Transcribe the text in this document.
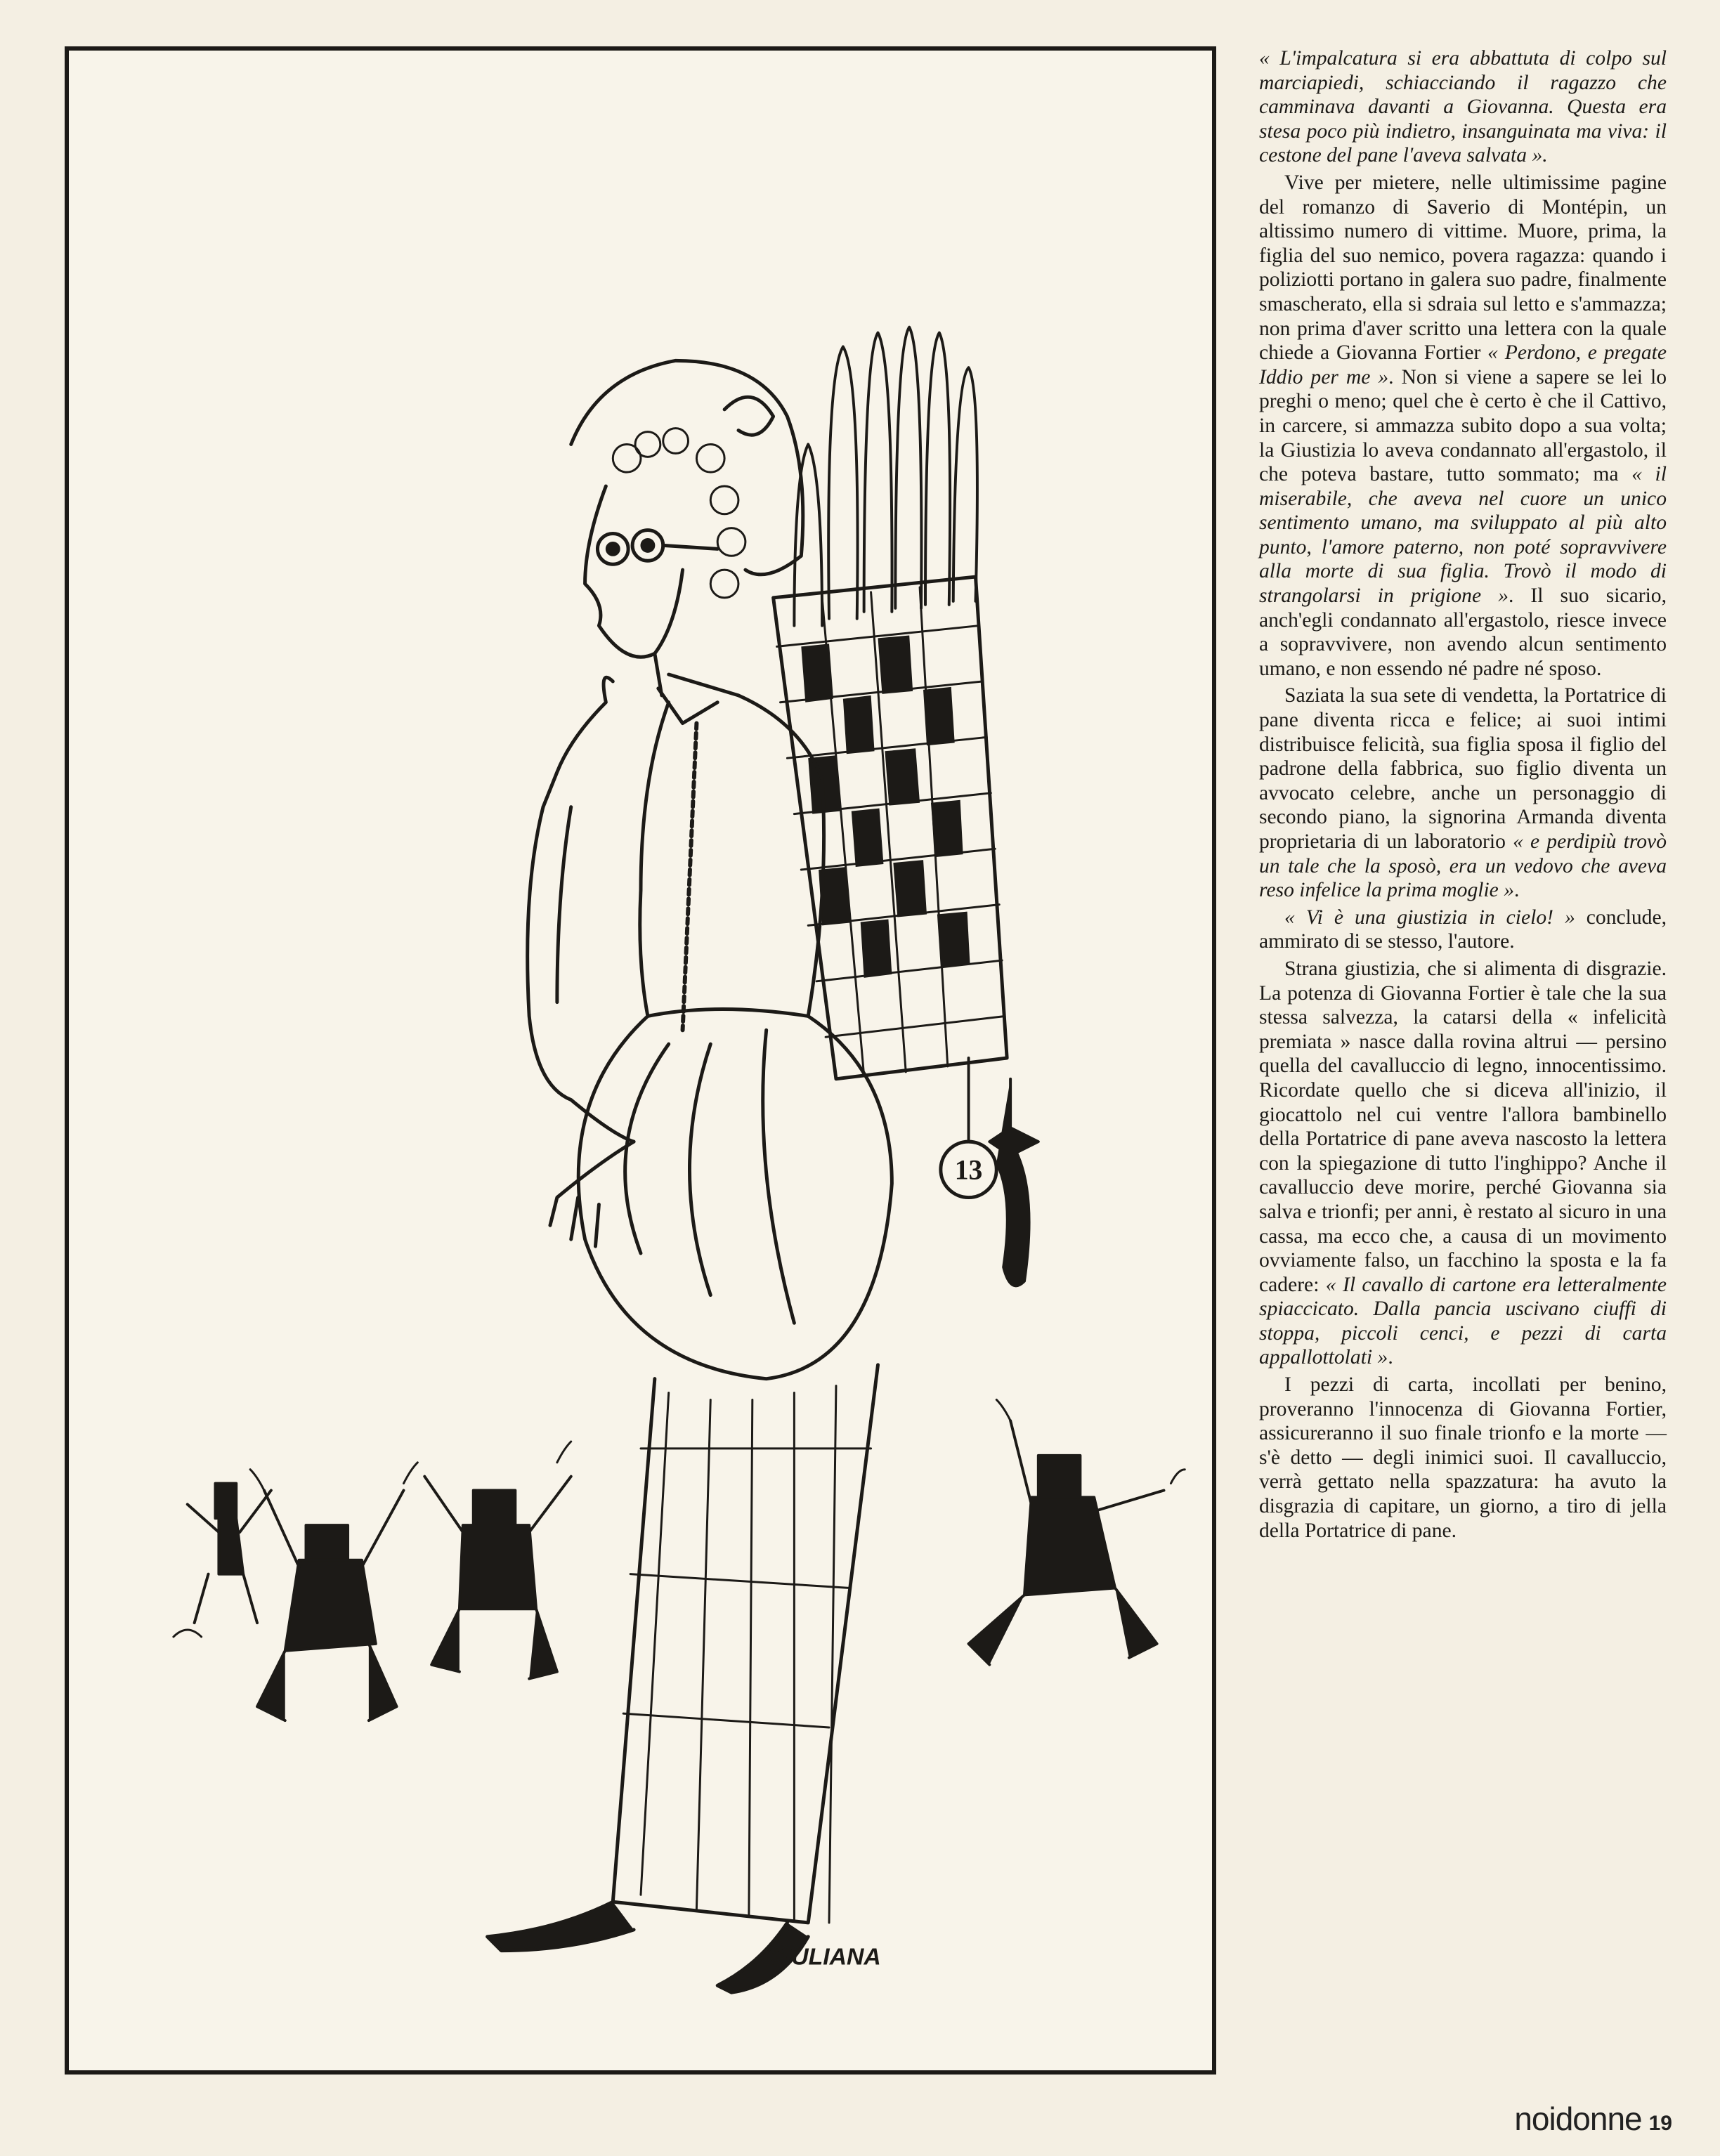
GIULIANA
13

« L'impalcatura si era abbattuta di colpo sul marciapiedi, schiacciando il ragazzo che camminava davanti a Giovanna. Questa era stesa poco più indietro, insanguinata ma viva: il cestone del pane l'aveva salvata ».

Vive per mietere, nelle ultimissime pagine del romanzo di Saverio di Montépin, un altissimo numero di vittime. Muore, prima, la figlia del suo nemico, povera ragazza: quando i poliziotti portano in galera suo padre, finalmente smascherato, ella si sdraia sul letto e s'ammazza; non prima d'aver scritto una lettera con la quale chiede a Giovanna Fortier « Perdono, e pregate Iddio per me ». Non si viene a sapere se lei lo preghi o meno; quel che è certo è che il Cattivo, in carcere, si ammazza subito dopo a sua volta; la Giustizia lo aveva condannato all'ergastolo, il che poteva bastare, tutto sommato; ma « il miserabile, che aveva nel cuore un unico sentimento umano, ma sviluppato al più alto punto, l'amore paterno, non poté sopravvivere alla morte di sua figlia. Trovò il modo di strangolarsi in prigione ». Il suo sicario, anch'egli condannato all'ergastolo, riesce invece a sopravvivere, non avendo alcun sentimento umano, e non essendo né padre né sposo.

Saziata la sua sete di vendetta, la Portatrice di pane diventa ricca e felice; ai suoi intimi distribuisce felicità, sua figlia sposa il figlio del padrone della fabbrica, suo figlio diventa un avvocato celebre, anche un personaggio di secondo piano, la signorina Armanda diventa proprietaria di un laboratorio « e perdipiù trovò un tale che la sposò, era un vedovo che aveva reso infelice la prima moglie ».

« Vi è una giustizia in cielo! » conclude, ammirato di se stesso, l'autore.

Strana giustizia, che si alimenta di disgrazie. La potenza di Giovanna Fortier è tale che la sua stessa salvezza, la catarsi della « infelicità premiata » nasce dalla rovina altrui — persino quella del cavalluccio di legno, innocentissimo. Ricordate quello che si diceva all'inizio, il giocattolo nel cui ventre l'allora bambinello della Portatrice di pane aveva nascosto la lettera con la spiegazione di tutto l'inghippo? Anche il cavalluccio deve morire, perché Giovanna sia salva e trionfi; per anni, è restato al sicuro in una cassa, ma ecco che, a causa di un movimento ovviamente falso, un facchino la sposta e la fa cadere: « Il cavallo di cartone era letteralmente spiaccicato. Dalla pancia uscivano ciuffi di stoppa, piccoli cenci, e pezzi di carta appallottolati ».

I pezzi di carta, incollati per benino, proveranno l'innocenza di Giovanna Fortier, assicureranno il suo finale trionfo e la morte — s'è detto — degli inimici suoi. Il cavalluccio, verrà gettato nella spazzatura: ha avuto la disgrazia di capitare, un giorno, a tiro di jella della Portatrice di pane.

noidonne 19
